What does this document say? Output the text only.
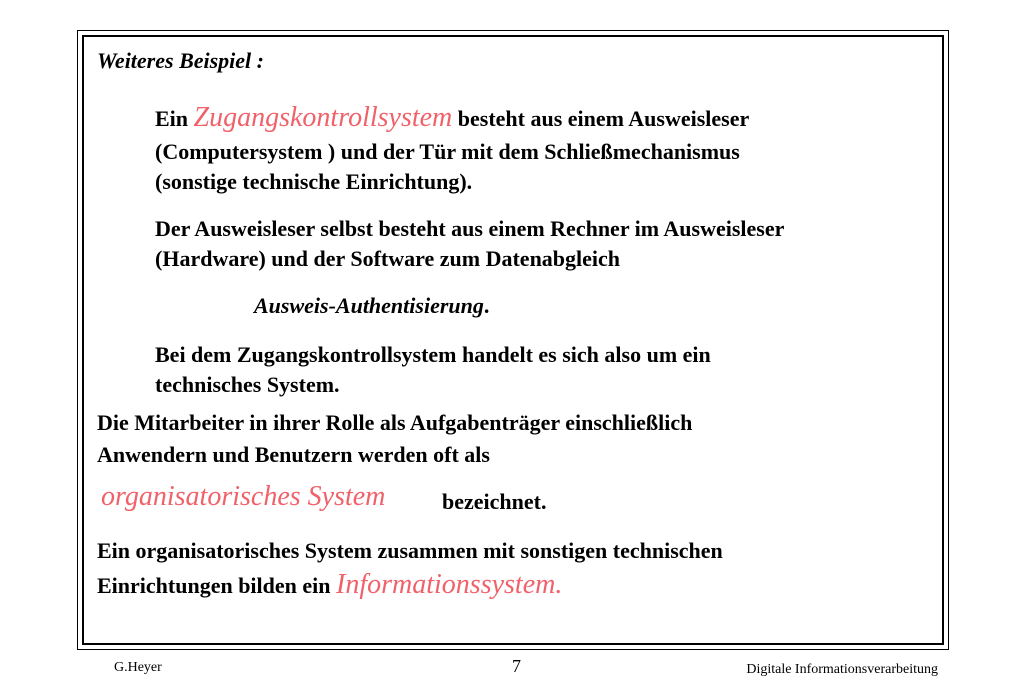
Weiteres Beispiel :
Ein Zugangskontrollsystem besteht aus einem Ausweisleser
(Computersystem ) und der Tür mit dem Schließmechanismus
(sonstige technische Einrichtung).
Der Ausweisleser selbst besteht aus einem Rechner im Ausweisleser
(Hardware) und der Software zum Datenabgleich
Ausweis-Authentisierung.
Bei dem Zugangskontrollsystem handelt es sich also um ein
technisches System.
Die Mitarbeiter in ihrer Rolle als Aufgabenträger einschließlich
Anwendern und Benutzern werden oft als
organisatorisches System	bezeichnet.
Ein organisatorisches System zusammen mit sonstigen technischen
Einrichtungen bilden ein Informationssystem.
G.Heyer	7	Digitale Informationsverarbeitung
